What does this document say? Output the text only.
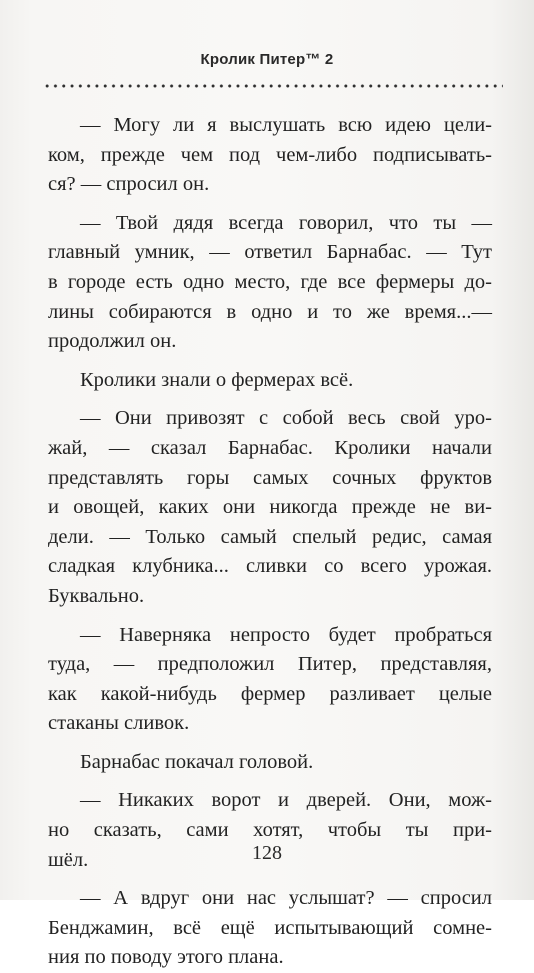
Кролик Питер™ 2
— Могу ли я выслушать всю идею цели-
ком, прежде чем под чем-либо подписывать-
ся? — спросил он.
— Твой дядя всегда говорил, что ты —
главный умник, — ответил Барнабас. — Тут
в городе есть одно место, где все фермеры до-
лины собираются в одно и то же время...—
продолжил он.
Кролики знали о фермерах всё.
— Они привозят с собой весь свой уро-
жай, — сказал Барнабас. Кролики начали
представлять горы самых сочных фруктов
и овощей, каких они никогда прежде не ви-
дели. — Только самый спелый редис, самая
сладкая клубника... сливки со всего урожая.
Буквально.
— Наверняка непросто будет пробраться
туда, — предположил Питер, представляя,
как какой-нибудь фермер разливает целые
стаканы сливок.
Барнабас покачал головой.
— Никаких ворот и дверей. Они, мож-
но сказать, сами хотят, чтобы ты при-
шёл.
— А вдруг они нас услышат? — спросил
Бенджамин, всё ещё испытывающий сомне-
ния по поводу этого плана.
128
